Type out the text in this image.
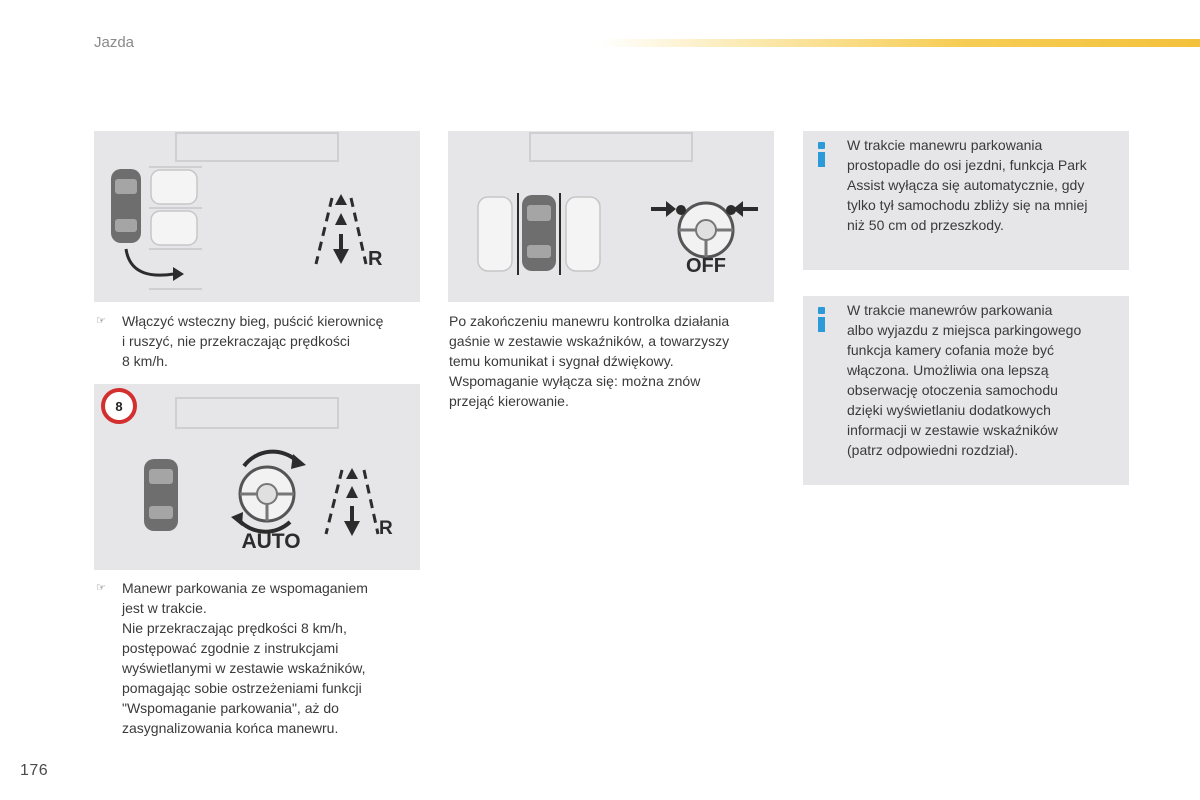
Jazda
R
☞ Włączyć wsteczny bieg, puścić kierownicę
i ruszyć, nie przekraczając prędkości
8 km/h.
8
AUTO
R
☞ Manewr parkowania ze wspomaganiem
jest w trakcie.
Nie przekraczając prędkości 8 km/h,
postępować zgodnie z instrukcjami
wyświetlanymi w zestawie wskaźników,
pomagając sobie ostrzeżeniami funkcji
"Wspomaganie parkowania", aż do
zasygnalizowania końca manewru.
OFF
Po zakończeniu manewru kontrolka działania
gaśnie w zestawie wskaźników, a towarzyszy
temu komunikat i sygnał dźwiękowy.
Wspomaganie wyłącza się: można znów
przejąć kierowanie.
W trakcie manewru parkowania
prostopadle do osi jezdni, funkcja Park
Assist wyłącza się automatycznie, gdy
tylko tył samochodu zbliży się na mniej
niż 50 cm od przeszkody.
W trakcie manewrów parkowania
albo wyjazdu z miejsca parkingowego
funkcja kamery cofania może być
włączona. Umożliwia ona lepszą
obserwację otoczenia samochodu
dzięki wyświetlaniu dodatkowych
informacji w zestawie wskaźników
(patrz odpowiedni rozdział).
176
